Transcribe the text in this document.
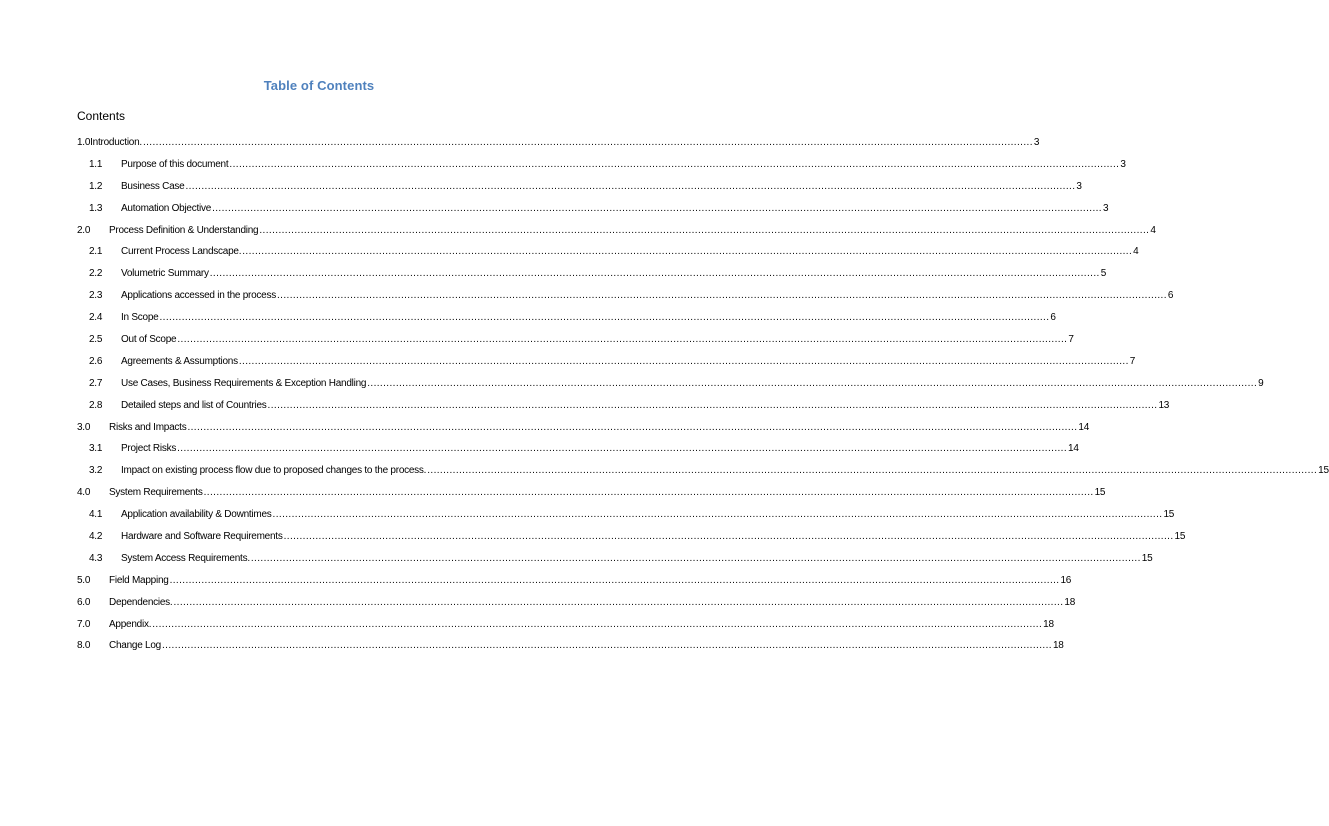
Table of Contents
Contents
1.0 Introduction. .....	3
1.1	Purpose of this document .....	3
1.2	Business Case .....	3
1.3	Automation Objective .....	3
2.0	Process Definition & Understanding .....	4
2.1	Current Process Landscape. .....	4
2.2	Volumetric Summary .....	5
2.3	Applications accessed in the process .....	6
2.4	In Scope .....	6
2.5	Out of Scope .....	7
2.6	Agreements & Assumptions .....	7
2.7	Use Cases, Business Requirements & Exception Handling .....	9
2.8	Detailed steps and list of Countries .....	13
3.0	Risks and Impacts .....	14
3.1	Project Risks .....	14
3.2	Impact on existing process flow due to proposed changes to the process. .....	15
4.0	System Requirements .....	15
4.1	Application availability & Downtimes .....	15
4.2	Hardware and Software Requirements .....	15
4.3	System Access Requirements. .....	15
5.0	Field Mapping .....	16
6.0	Dependencies. .....	18
7.0	Appendix. .....	18
8.0	Change Log .....	18
